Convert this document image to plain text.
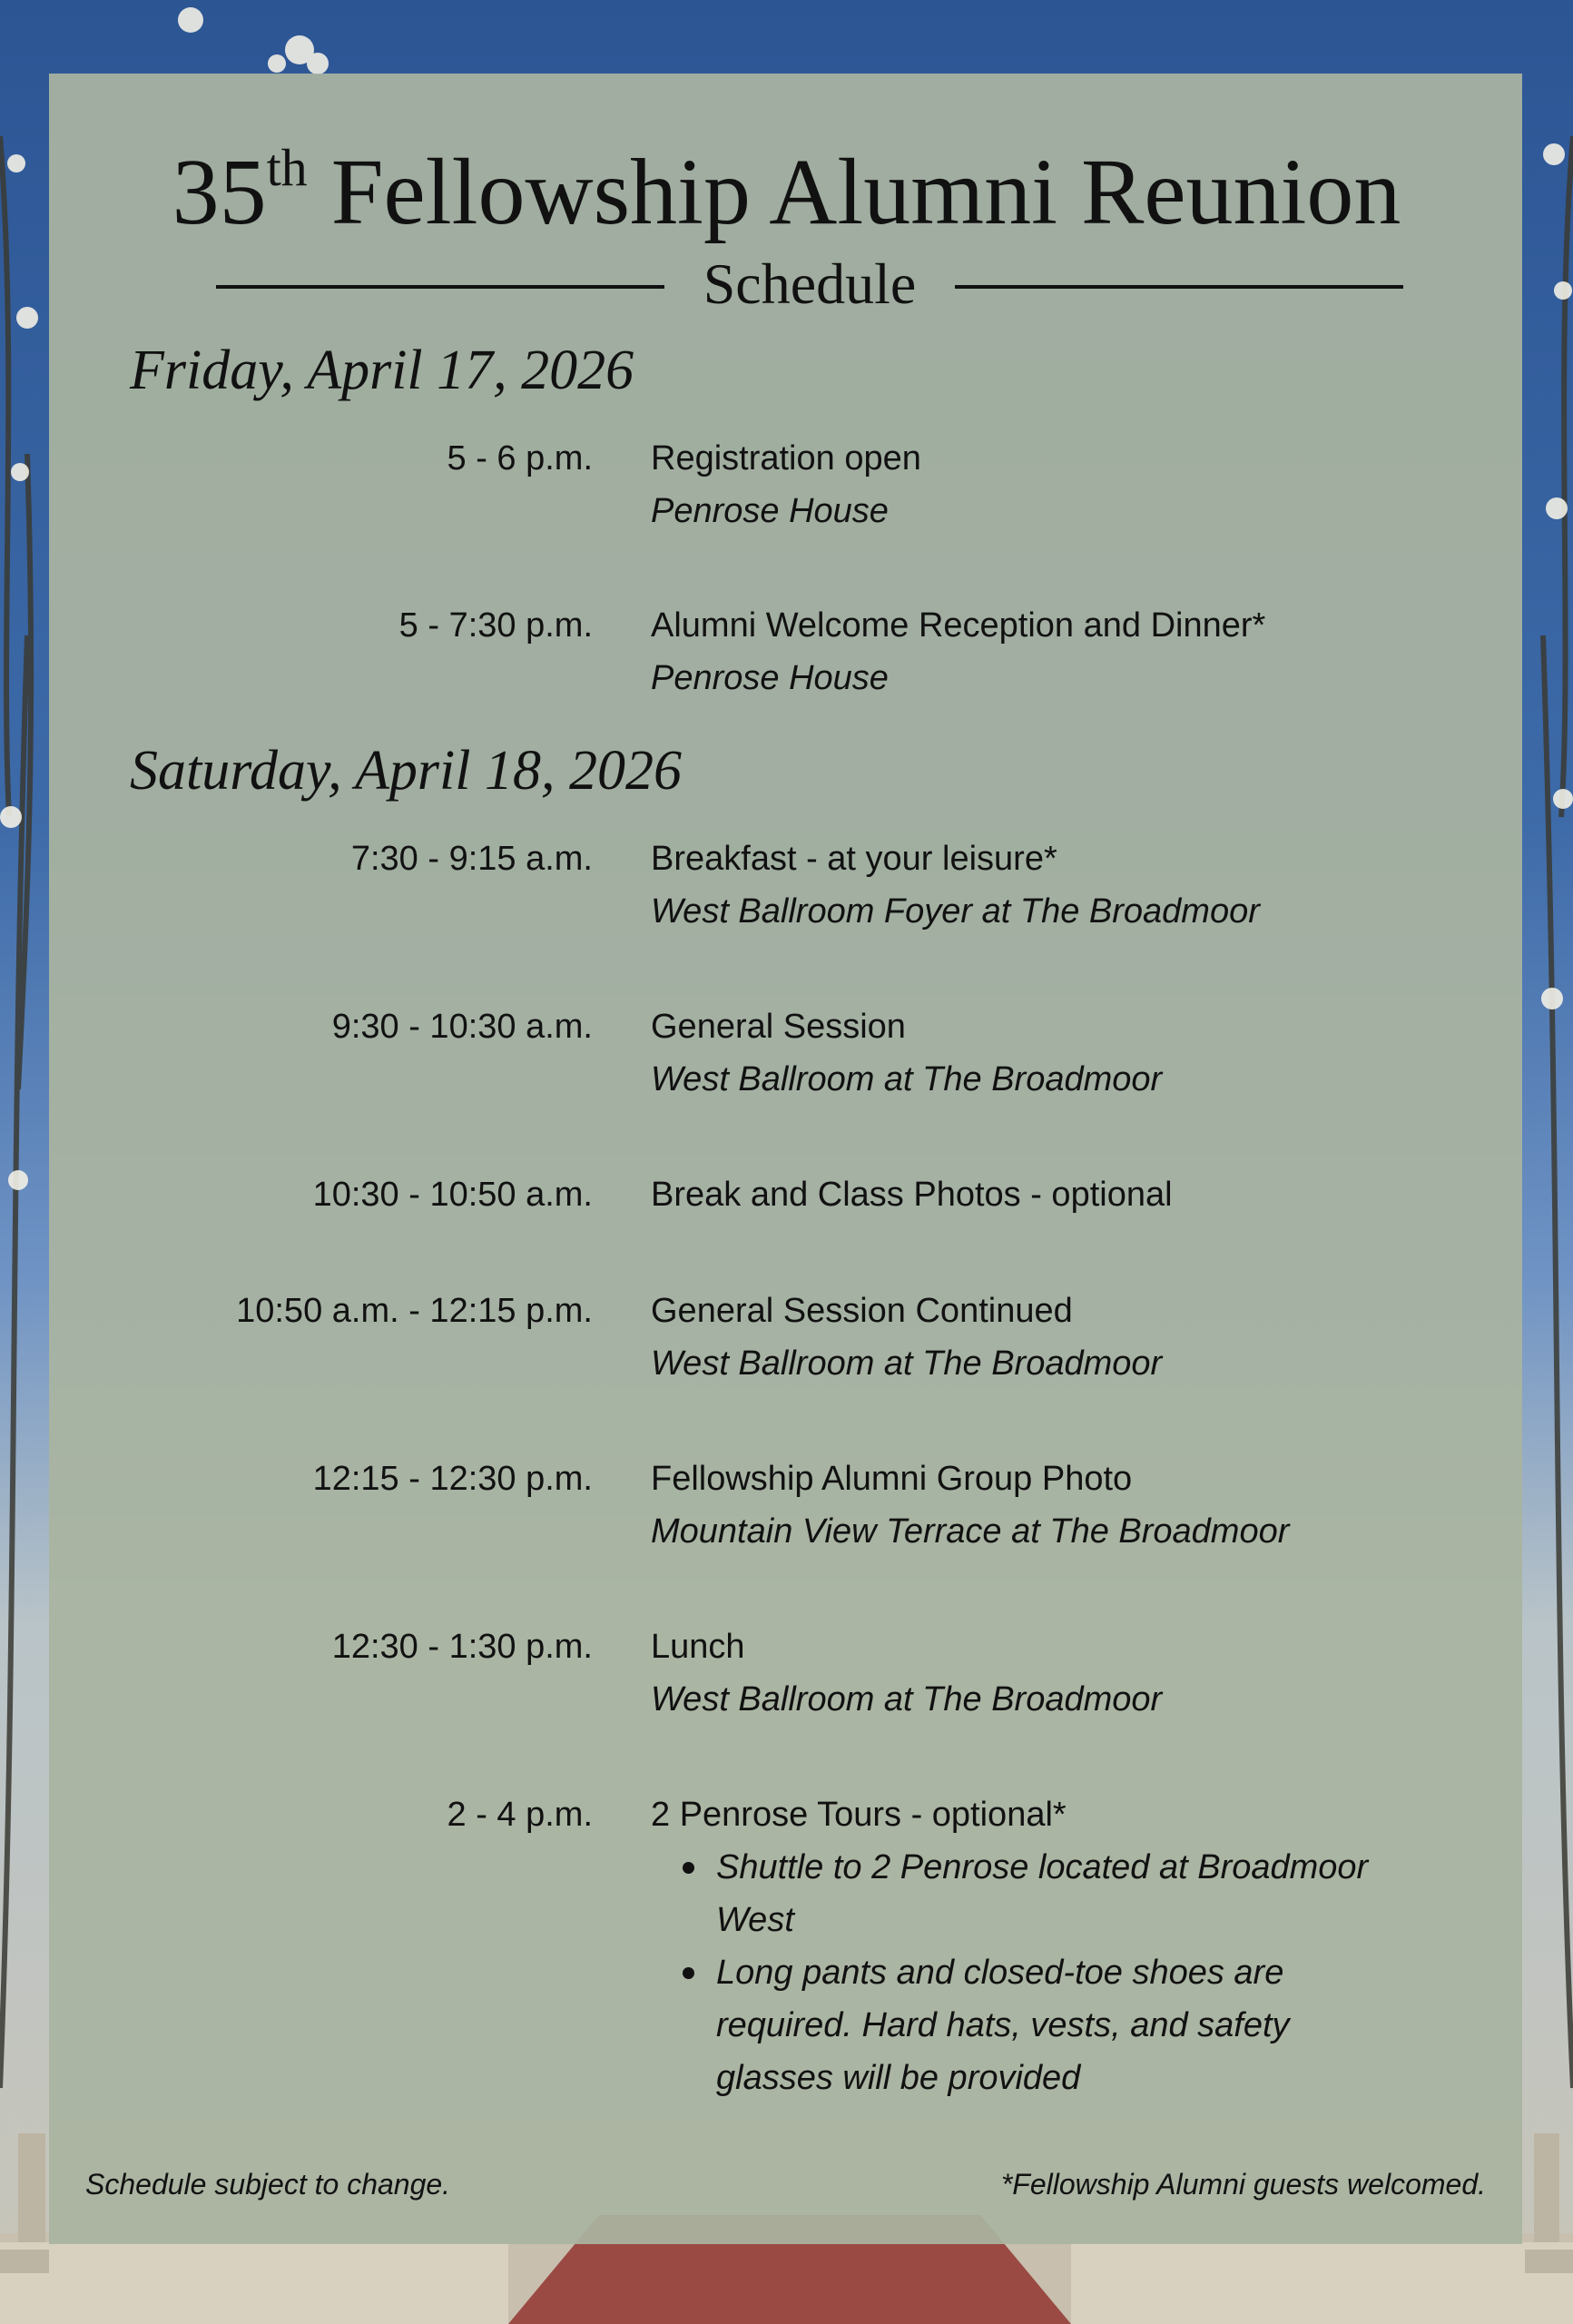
35th Fellowship Alumni Reunion
Schedule
Friday, April 17, 2026
5 - 6 p.m. Registration open
Penrose House
5 - 7:30 p.m. Alumni Welcome Reception and Dinner*
Penrose House
Saturday, April 18, 2026
7:30 - 9:15 a.m. Breakfast - at your leisure*
West Ballroom Foyer at The Broadmoor
9:30 - 10:30 a.m. General Session
West Ballroom at The Broadmoor
10:30 - 10:50 a.m. Break and Class Photos - optional
10:50 a.m. - 12:15 p.m. General Session Continued
West Ballroom at The Broadmoor
12:15 - 12:30 p.m. Fellowship Alumni Group Photo
Mountain View Terrace at The Broadmoor
12:30 - 1:30 p.m. Lunch
West Ballroom at The Broadmoor
2 - 4 p.m. 2 Penrose Tours - optional*
Shuttle to 2 Penrose located at Broadmoor West
Long pants and closed-toe shoes are required. Hard hats, vests, and safety glasses will be provided
Schedule subject to change.	*Fellowship Alumni guests welcomed.
